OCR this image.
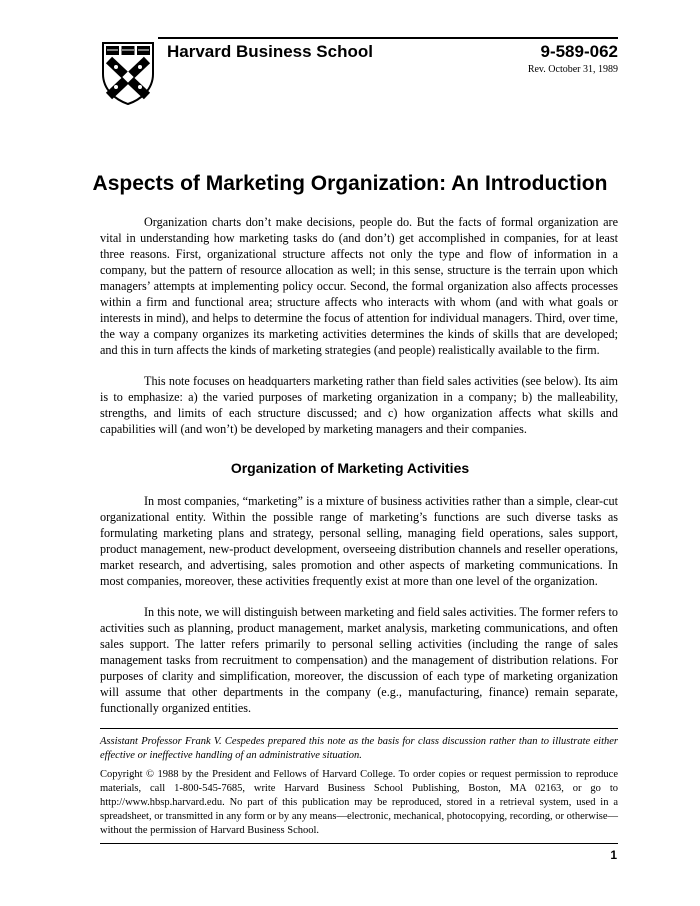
Harvard Business School	9-589-062
Rev. October 31, 1989
Aspects of Marketing Organization: An Introduction

Organization charts don’t make decisions, people do. But the facts of formal organization are vital in understanding how marketing tasks do (and don’t) get accomplished in companies, for at least three reasons. First, organizational structure affects not only the type and flow of information in a company, but the pattern of resource allocation as well; in this sense, structure is the terrain upon which managers’ attempts at implementing policy occur. Second, the formal organization also affects processes within a firm and functional area; structure affects who interacts with whom (and with what goals or interests in mind), and helps to determine the focus of attention for individual managers. Third, over time, the way a company organizes its marketing activities determines the kinds of skills that are developed; and this in turn affects the kinds of marketing strategies (and people) realistically available to the firm.

This note focuses on headquarters marketing rather than field sales activities (see below). Its aim is to emphasize: a) the varied purposes of marketing organization in a company; b) the malleability, strengths, and limits of each structure discussed; and c) how organization affects what skills and capabilities will (and won’t) be developed by marketing managers and their companies.

Organization of Marketing Activities

In most companies, “marketing” is a mixture of business activities rather than a simple, clear-cut organizational entity. Within the possible range of marketing’s functions are such diverse tasks as formulating marketing plans and strategy, personal selling, managing field operations, sales support, product management, new-product development, overseeing distribution channels and reseller operations, market research, and advertising, sales promotion and other aspects of marketing communications. In most companies, moreover, these activities frequently exist at more than one level of the organization.

In this note, we will distinguish between marketing and field sales activities. The former refers to activities such as planning, product management, market analysis, marketing communications, and often sales support. The latter refers primarily to personal selling activities (including the range of sales management tasks from recruitment to compensation) and the management of distribution relations. For purposes of clarity and simplification, moreover, the discussion of each type of marketing organization will assume that other departments in the company (e.g., manufacturing, finance) remain separate, functionally organized entities.

Assistant Professor Frank V. Cespedes prepared this note as the basis for class discussion rather than to illustrate either effective or ineffective handling of an administrative situation.

Copyright © 1988 by the President and Fellows of Harvard College. To order copies or request permission to reproduce materials, call 1-800-545-7685, write Harvard Business School Publishing, Boston, MA 02163, or go to http://www.hbsp.harvard.edu. No part of this publication may be reproduced, stored in a retrieval system, used in a spreadsheet, or transmitted in any form or by any means—electronic, mechanical, photocopying, recording, or otherwise—without the permission of Harvard Business School.

1
